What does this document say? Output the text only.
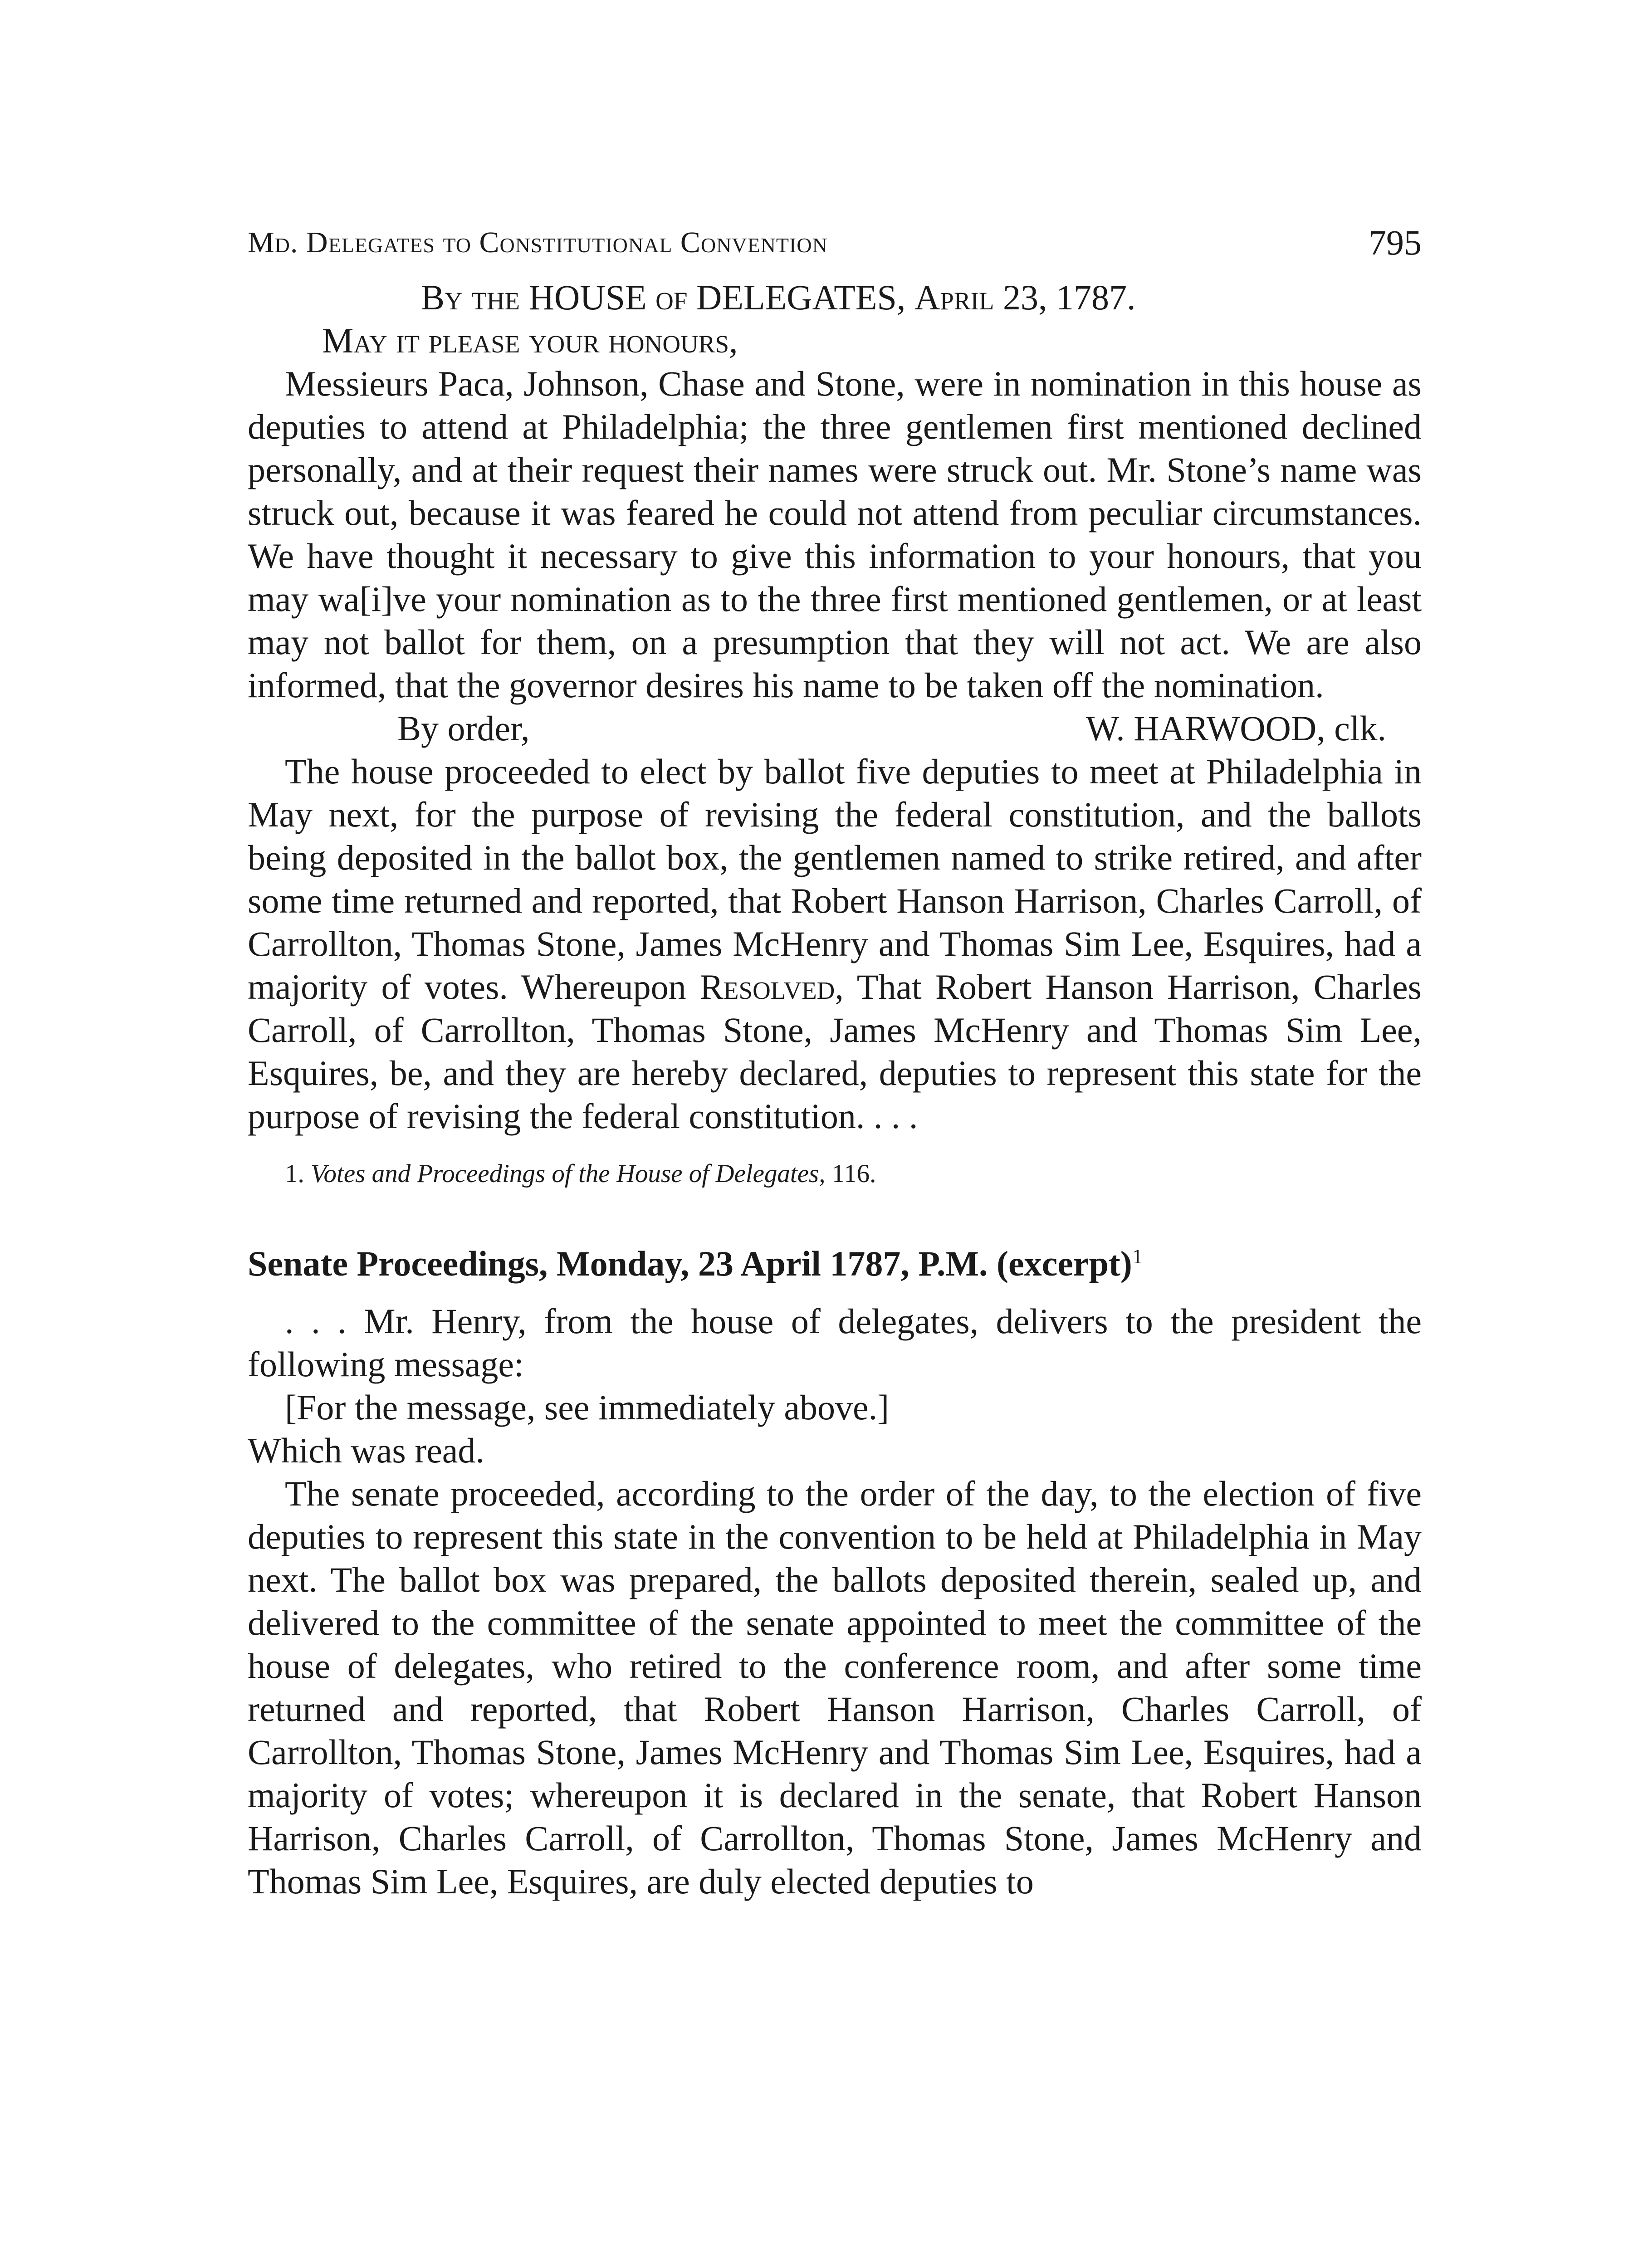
Md. Delegates to Constitutional Convention	795
By the HOUSE of DELEGATES, April 23, 1787.
May it please your honours,

Messieurs Paca, Johnson, Chase and Stone, were in nomination in this house as deputies to attend at Philadelphia; the three gentlemen first mentioned declined personally, and at their request their names were struck out. Mr. Stone’s name was struck out, because it was feared he could not attend from peculiar circumstances. We have thought it necessary to give this information to your honours, that you may wa[i]ve your nomination as to the three first mentioned gentlemen, or at least may not ballot for them, on a presumption that they will not act. We are also informed, that the governor desires his name to be taken off the nomination.

By order,	W. HARWOOD, clk.

The house proceeded to elect by ballot five deputies to meet at Philadelphia in May next, for the purpose of revising the federal constitution, and the ballots being deposited in the ballot box, the gentlemen named to strike retired, and after some time returned and reported, that Robert Hanson Harrison, Charles Carroll, of Carrollton, Thomas Stone, James McHenry and Thomas Sim Lee, Esquires, had a majority of votes. Whereupon Resolved, That Robert Hanson Harrison, Charles Carroll, of Carrollton, Thomas Stone, James McHenry and Thomas Sim Lee, Esquires, be, and they are hereby declared, deputies to represent this state for the purpose of revising the federal constitution. . . .

1. Votes and Proceedings of the House of Delegates, 116.
Senate Proceedings, Monday, 23 April 1787, P.M. (excerpt)$^1$

. . . Mr. Henry, from the house of delegates, delivers to the president the following message:

[For the message, see immediately above.]
Which was read.

The senate proceeded, according to the order of the day, to the election of five deputies to represent this state in the convention to be held at Philadelphia in May next. The ballot box was prepared, the ballots deposited therein, sealed up, and delivered to the committee of the senate appointed to meet the committee of the house of delegates, who retired to the conference room, and after some time returned and reported, that Robert Hanson Harrison, Charles Carroll, of Carrollton, Thomas Stone, James McHenry and Thomas Sim Lee, Esquires, had a majority of votes; whereupon it is declared in the senate, that Robert Hanson Harrison, Charles Carroll, of Carrollton, Thomas Stone, James McHenry and Thomas Sim Lee, Esquires, are duly elected deputies to
